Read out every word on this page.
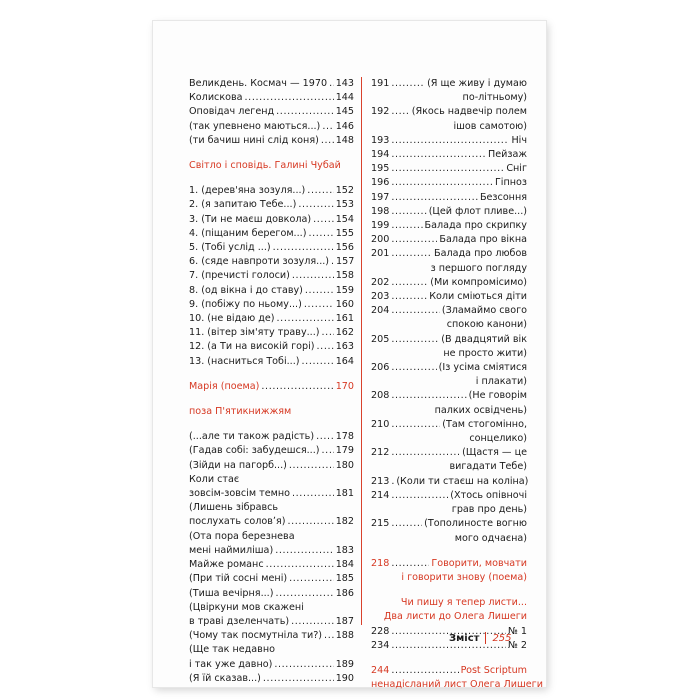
Великдень. Космач — 1970 ..... 143
Колискова .....	144
Оповідач легенд .....	145
(так упевнено маються...) ..... 146
(ти бачиш нині слід коня) ..... 148
Світло і сповідь. Галині Чубай
1. (дерев'яна зозуля...) .....	152
2. (я запитаю Тебе...) .....	153
3. (Ти не маєш довкола) .....	154
4. (піщаним берегом...) .....	155
5. (Тобі услід ...) .....	156
6. (сяде навпроти зозуля...) ..... 157
7. (пречисті голоси) .....	158
8. (од вікна і до ставу) .....	159
9. (побіжу по ньому...) .....	160
10. (не відаю де) .....	161
11. (вітер зім'яту траву...) ..... 162
12. (а Ти на високій горі) ..... 163
13. (насниться Тобі...) .....	164
Марія (поема) .....	170
поза П'ятикнижжям
(...але ти також радість) ..... 178
(Гадав собі: забудешся...) ..... 179
(Зійди на пагорб...) .....	180
Коли стає
зовсім-зовсім темно .....	181
(Лишень зібравсь
послухать соловʼя) .....	182
(Ота пора березнева
мені наймиліша) .....	183
Майже романс .....	184
(При тій сосні мені) .....	185
(Тиша вечірня...) .....	186
(Цвіркуни мов скажені
в траві дзеленчать) .....	187
(Чому так посмутніла ти?) ..... 188
(Ще так недавно
і так уже давно) .....	189
(Я їй сказав...) .....	190
191 .....	(Я ще живу і думаю
по-літньому)
192 ..... (Якось надвечір полем
ішов самотою)
193 .....	Ніч
194 .....	Пейзаж
195 .....	Сніг
196 .....	Гіпноз
197 .....	Безсоння
198 .....	(Цей флот пливе...)
199 .....	Балада про скрипку
200 .....	Балада про вікна
201 .....	Балада про любов
з першого погляду
202 .....	(Ми компромісимо)
203 .....	Коли сміються діти
204 .....	(Зламаймо свого
спокою канони)
205 .....	(В двадцятий вік
не просто жити)
206 .....	(Із усіма сміятися
і плакати)
208 .....	(Не говорім
палких освідчень)
210 .....	(Там стогомінно,
сонцелико)
212 .....	(Щастя — це
вигадати Тебе)
213 ..... (Коли ти стаєш на коліна)
214 .....	(Хтось опівночі
грав про день)
215 .....	(Тополиносте вогню
мого одчаєна)
218 .....	Говорити, мовчати
і говорити знову (поема)
Чи пишу я тепер листи...
Два листи до Олега Лишеги
228 .....	№ 1
234 .....	№ 2
244 .....	Post Scriptum
ненадісланий лист Олега Лишеги
Зміст 255
